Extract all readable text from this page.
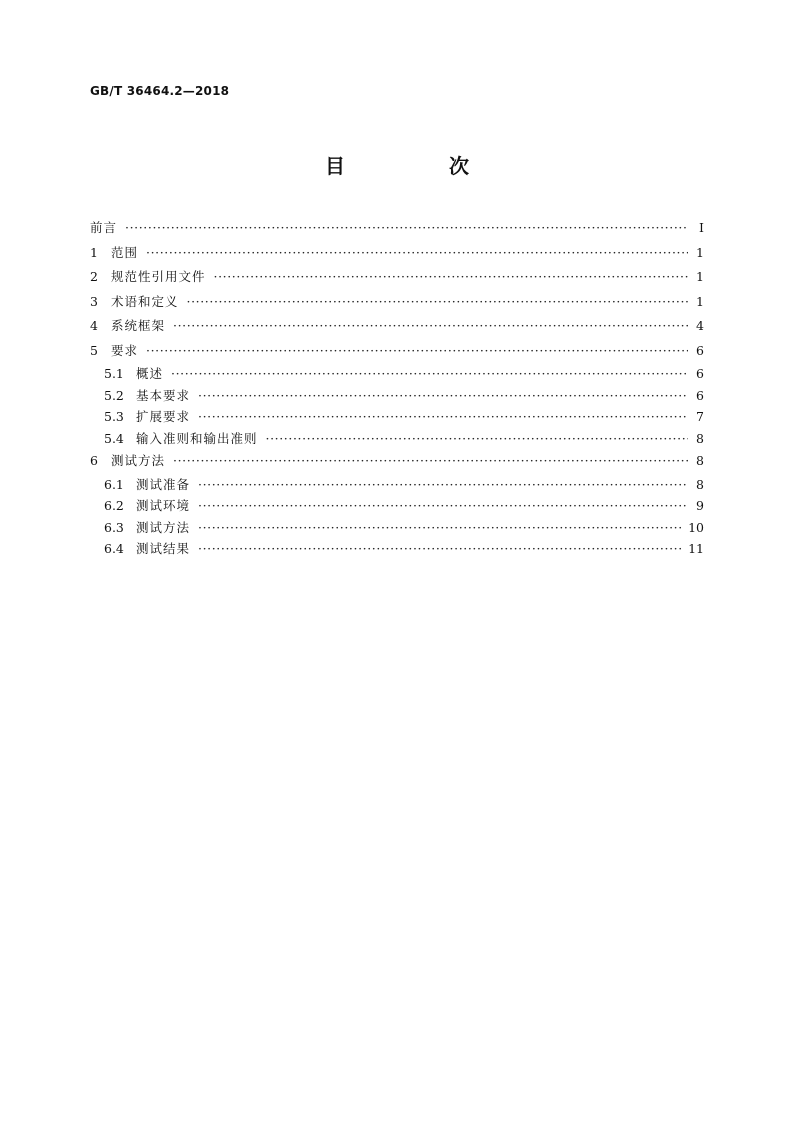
GB/T 36464.2—2018
目　次
前言 ·····	Ⅰ
1	范围 ·····	1
2	规范性引用文件 ·····	1
3	术语和定义 ·····	1
4	系统框架 ·····	4
5	要求 ·····	6
5.1 概述 ·····	6
5.2 基本要求 ·····	6
5.3 扩展要求 ·····	7
5.4 输入准则和输出准则 ·····	8
6	测试方法 ·····	8
6.1 测试准备 ·····	8
6.2 测试环境 ·····	9
6.3 测试方法 ·····	10
6.4 测试结果 ·····	11
